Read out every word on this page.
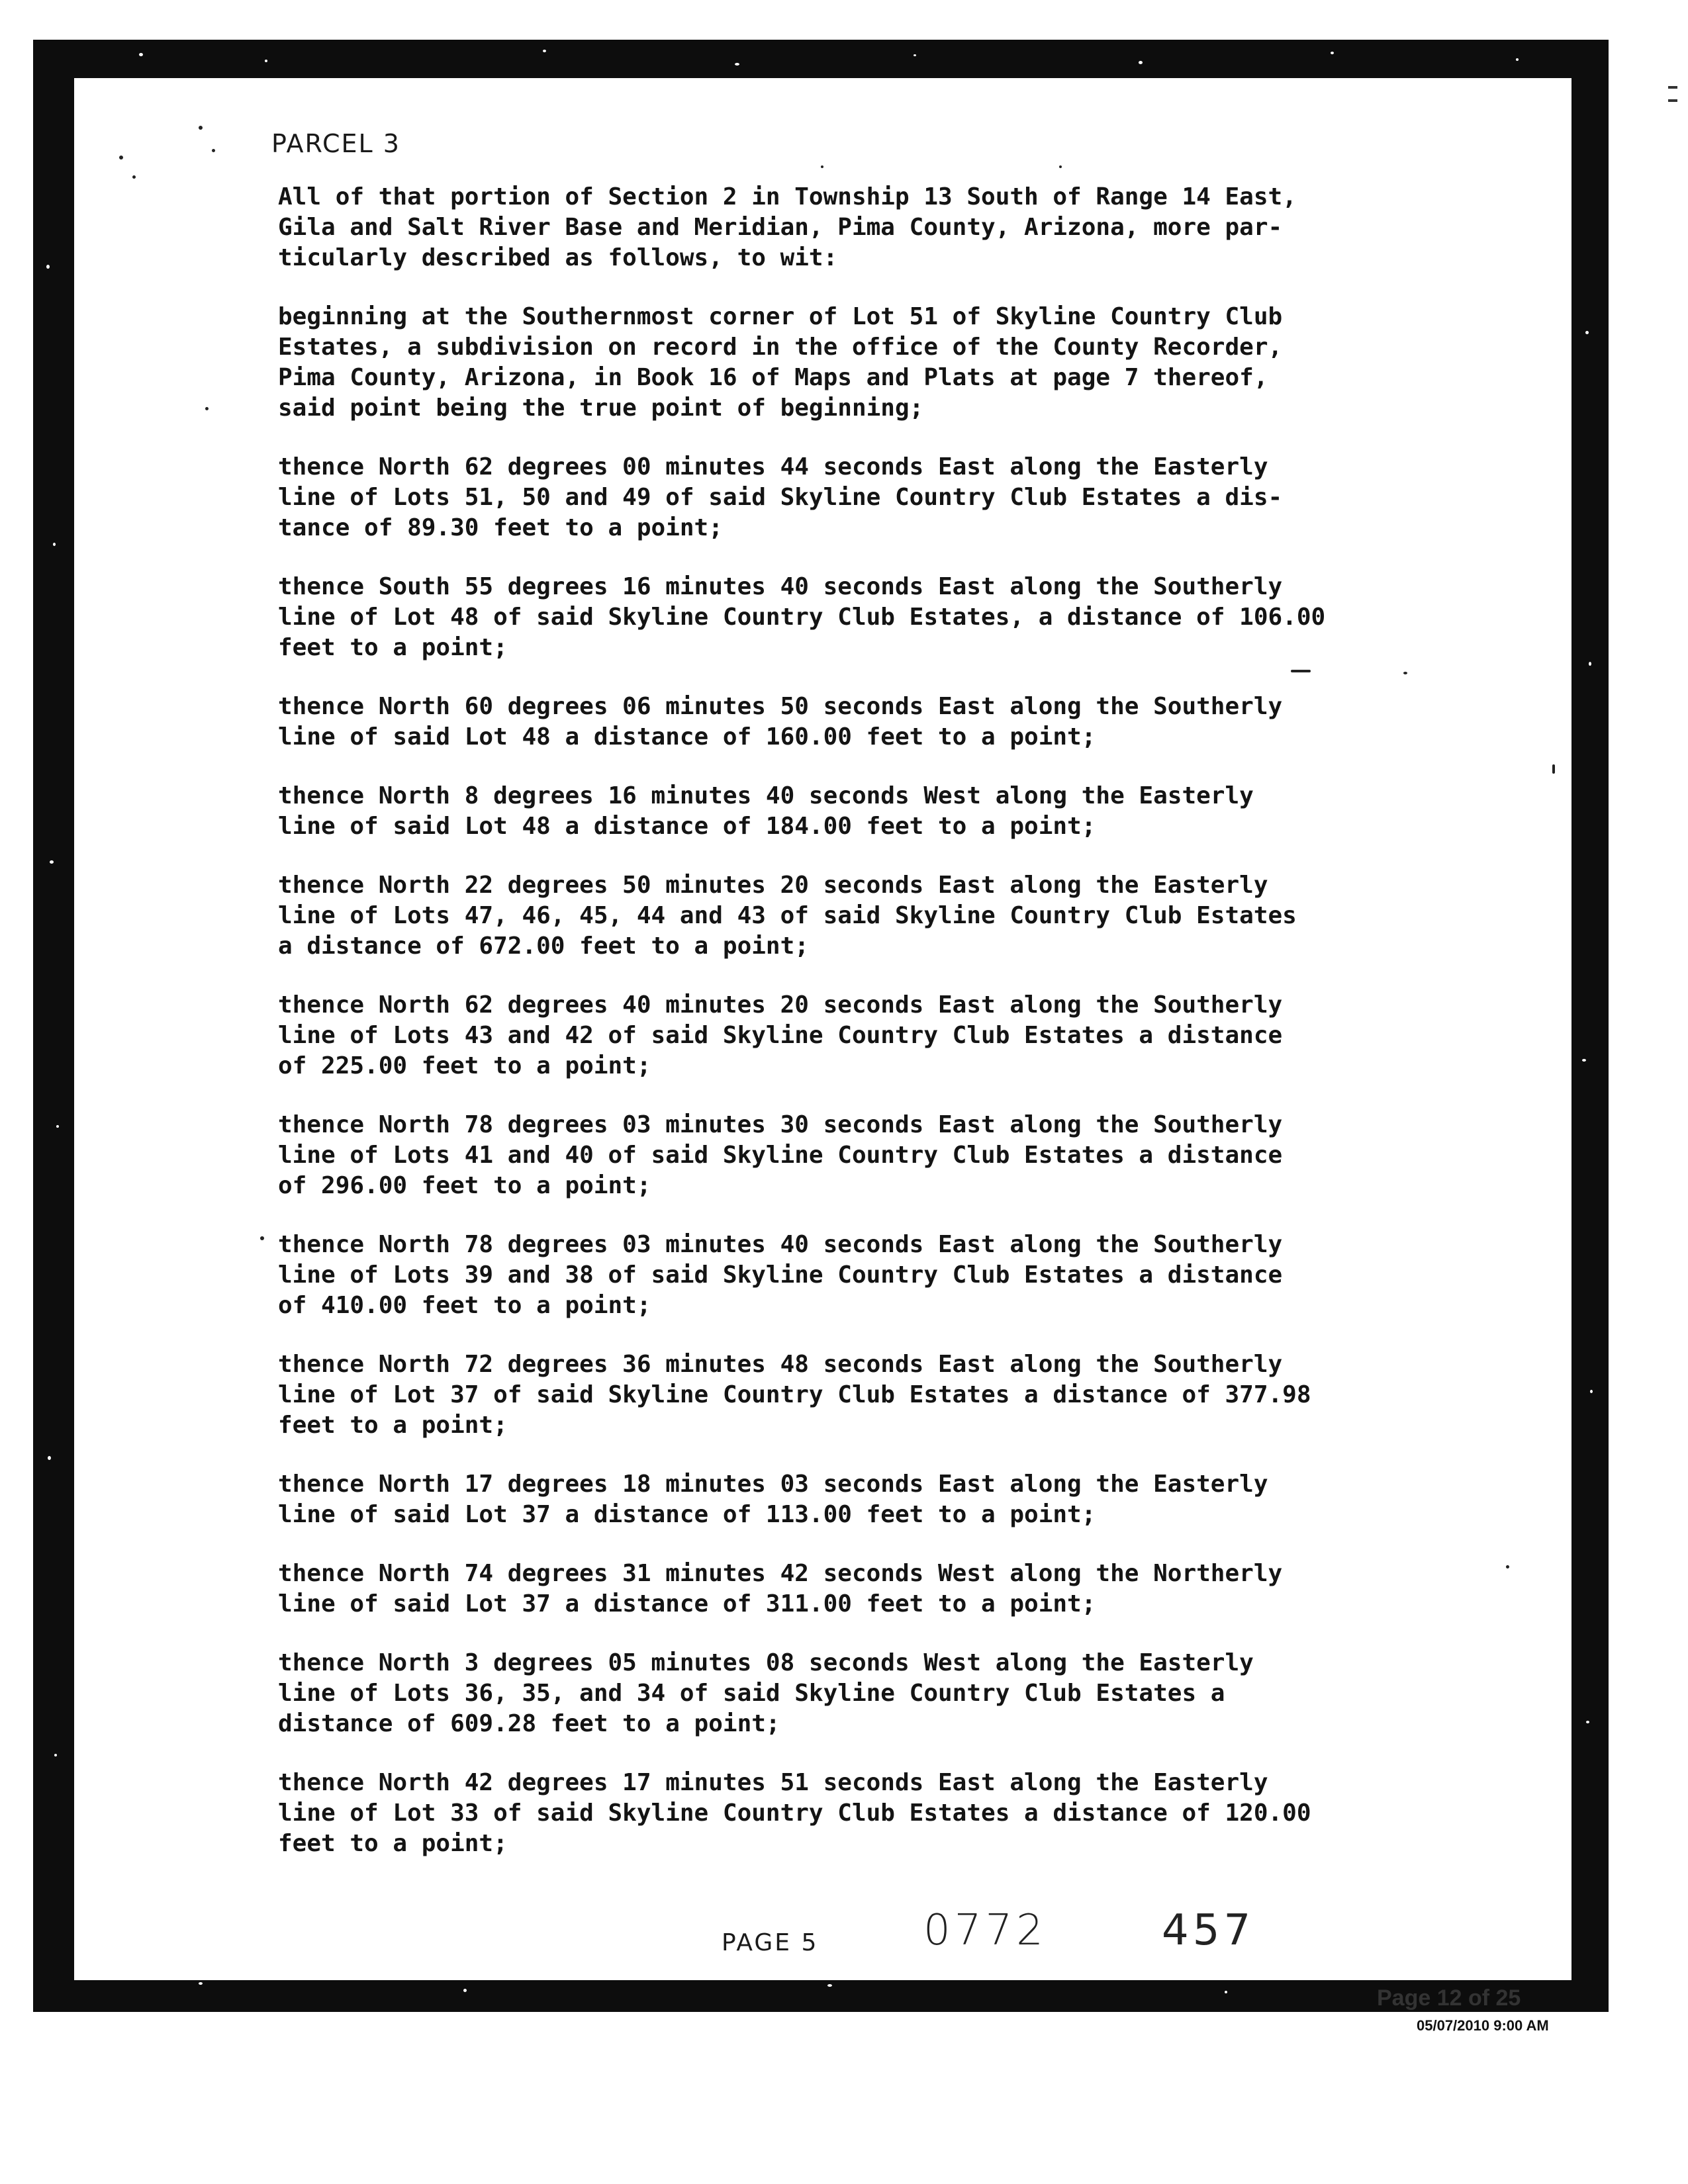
PARCEL 3

All of that portion of Section 2 in Township 13 South of Range 14 East,
Gila and Salt River Base and Meridian, Pima County, Arizona, more par-
ticularly described as follows, to wit:

beginning at the Southernmost corner of Lot 51 of Skyline Country Club
Estates, a subdivision on record in the office of the County Recorder,
Pima County, Arizona, in Book 16 of Maps and Plats at page 7 thereof,
said point being the true point of beginning;

thence North 62 degrees 00 minutes 44 seconds East along the Easterly
line of Lots 51, 50 and 49 of said Skyline Country Club Estates a dis-
tance of 89.30 feet to a point;

thence South 55 degrees 16 minutes 40 seconds East along the Southerly
line of Lot 48 of said Skyline Country Club Estates, a distance of 106.00
feet to a point;

thence North 60 degrees 06 minutes 50 seconds East along the Southerly
line of said Lot 48 a distance of 160.00 feet to a point;

thence North 8 degrees 16 minutes 40 seconds West along the Easterly
line of said Lot 48 a distance of 184.00 feet to a point;

thence North 22 degrees 50 minutes 20 seconds East along the Easterly
line of Lots 47, 46, 45, 44 and 43 of said Skyline Country Club Estates
a distance of 672.00 feet to a point;

thence North 62 degrees 40 minutes 20 seconds East along the Southerly
line of Lots 43 and 42 of said Skyline Country Club Estates a distance
of 225.00 feet to a point;

thence North 78 degrees 03 minutes 30 seconds East along the Southerly
line of Lots 41 and 40 of said Skyline Country Club Estates a distance
of 296.00 feet to a point;

thence North 78 degrees 03 minutes 40 seconds East along the Southerly
line of Lots 39 and 38 of said Skyline Country Club Estates a distance
of 410.00 feet to a point;

thence North 72 degrees 36 minutes 48 seconds East along the Southerly
line of Lot 37 of said Skyline Country Club Estates a distance of 377.98
feet to a point;

thence North 17 degrees 18 minutes 03 seconds East along the Easterly
line of said Lot 37 a distance of 113.00 feet to a point;

thence North 74 degrees 31 minutes 42 seconds West along the Northerly
line of said Lot 37 a distance of 311.00 feet to a point;

thence North 3 degrees 05 minutes 08 seconds West along the Easterly
line of Lots 36, 35, and 34 of said Skyline Country Club Estates a
distance of 609.28 feet to a point;

thence North 42 degrees 17 minutes 51 seconds East along the Easterly
line of Lot 33 of said Skyline Country Club Estates a distance of 120.00
feet to a point;

PAGE 5 0772	457
Page 12 of 25
05/07/2010 9:00 AM
